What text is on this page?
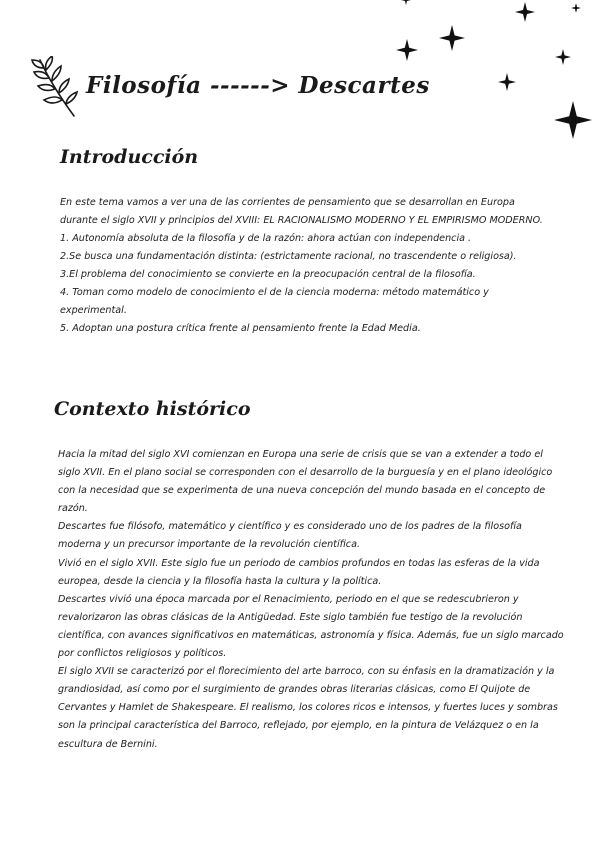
Filosofía ------> Descartes
Introducción

En este tema vamos a ver una de las corrientes de pensamiento que se desarrollan en Europa durante el siglo XVII y principios del XVIII: EL RACIONALISMO MODERNO Y EL EMPIRISMO MODERNO.

1. Autonomía absoluta de la filosofía y de la razón: ahora actúan con independencia .

2.Se busca una fundamentación distinta: (estrictamente racional, no trascendente o religiosa).

3.El problema del conocimiento se convierte en la preocupación central de la filosofía.

4. Toman como modelo de conocimiento el de la ciencia moderna: método matemático y experimental.

5. Adoptan una postura crítica frente al pensamiento frente la Edad Media.

Contexto histórico

Hacia la mitad del siglo XVI comienzan en Europa una serie de crisis que se van a extender a todo el siglo XVII. En el plano social se corresponden con el desarrollo de la burguesía y en el plano ideológico con la necesidad que se experimenta de una nueva concepción del mundo basada en el concepto de razón.

Descartes fue filósofo, matemático y científico y es considerado uno de los padres de la filosofía moderna y un precursor importante de la revolución científica.

Vivió en el siglo XVII. Este siglo fue un periodo de cambios profundos en todas las esferas de la vida europea, desde la ciencia y la filosofía hasta la cultura y la política.

Descartes vivió una época marcada por el Renacimiento, periodo en el que se redescubrieron y revalorizaron las obras clásicas de la Antigüedad. Este siglo también fue testigo de la revolución científica, con avances significativos en matemáticas, astronomía y física. Además, fue un siglo marcado por conflictos religiosos y políticos.

El siglo XVII se caracterizó por el florecimiento del arte barroco, con su énfasis en la dramatización y la grandiosidad, así como por el surgimiento de grandes obras literarias clásicas, como El Quijote de Cervantes y Hamlet de Shakespeare. El realismo, los colores ricos e intensos, y fuertes luces y sombras son la principal característica del Barroco, reflejado, por ejemplo, en la pintura de Velázquez o en la escultura de Bernini.
